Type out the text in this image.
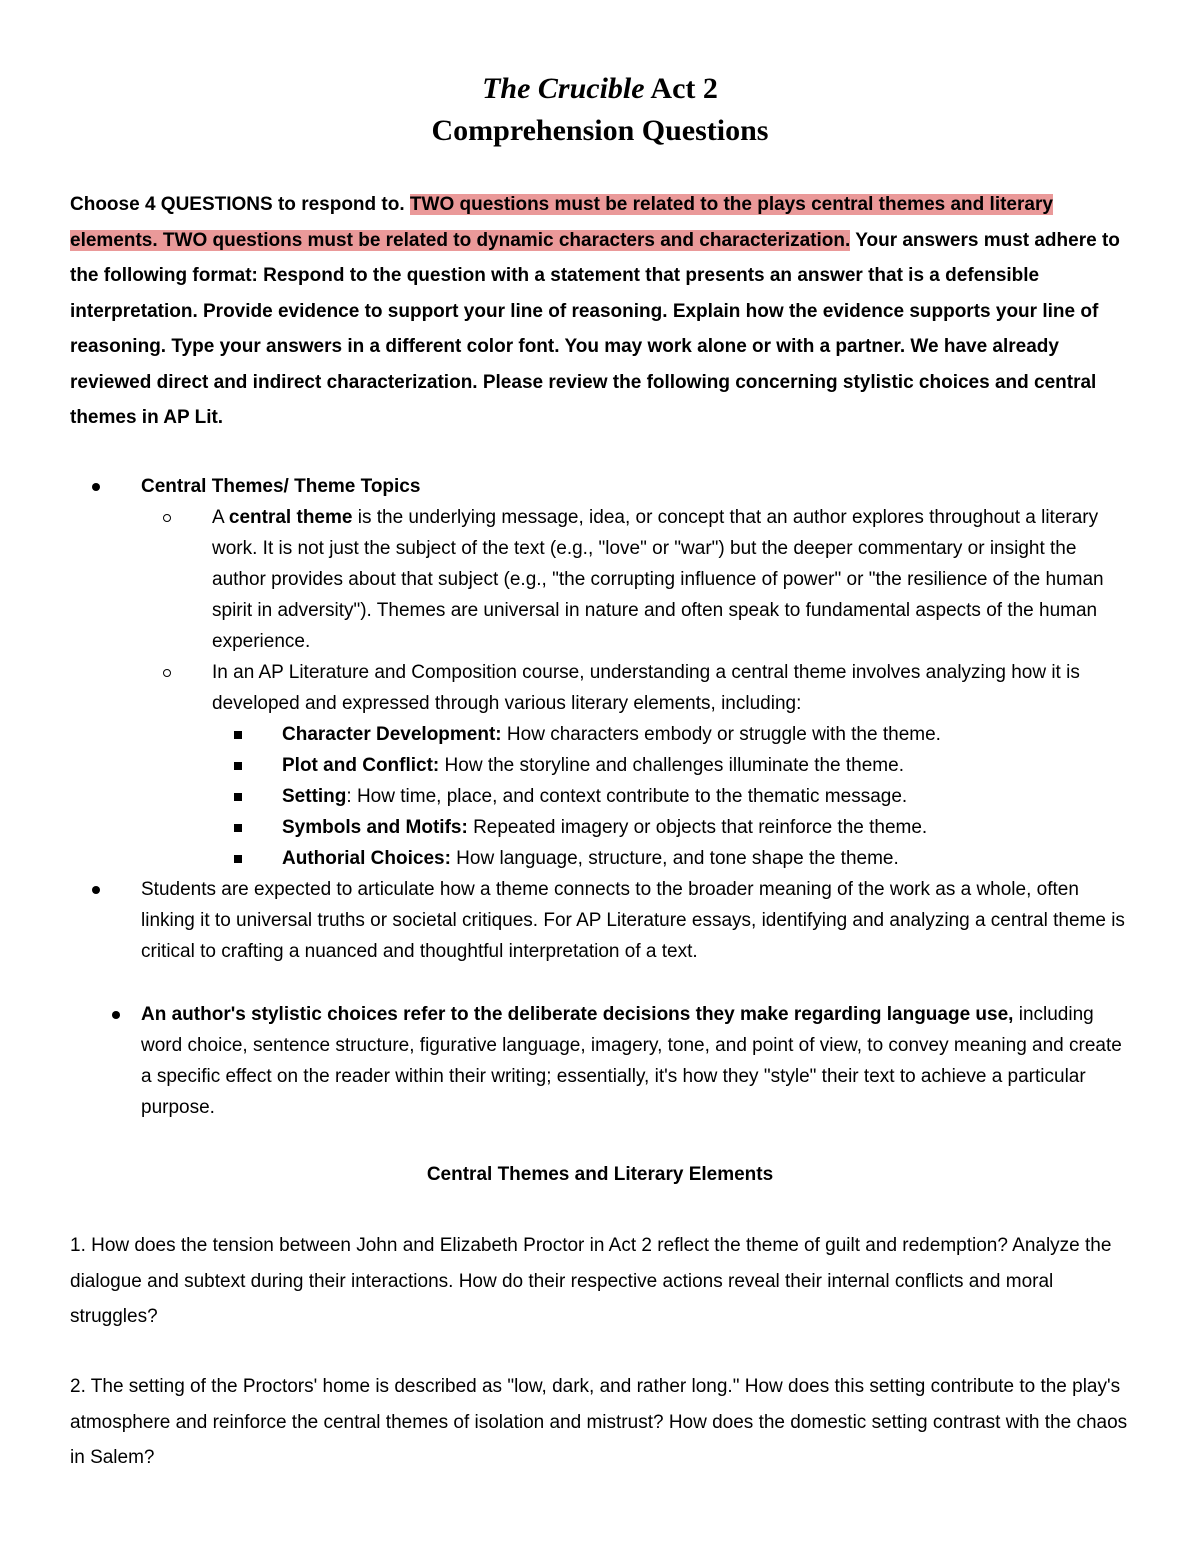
The Crucible Act 2
Comprehension Questions
Choose 4 QUESTIONS to respond to. TWO questions must be related to the plays central themes and literary elements. TWO questions must be related to dynamic characters and characterization. Your answers must adhere to the following format: Respond to the question with a statement that presents an answer that is a defensible interpretation. Provide evidence to support your line of reasoning. Explain how the evidence supports your line of reasoning. Type your answers in a different color font. You may work alone or with a partner. We have already reviewed direct and indirect characterization. Please review the following concerning stylistic choices and central themes in AP Lit.
Central Themes/ Theme Topics
A central theme is the underlying message, idea, or concept that an author explores throughout a literary work. It is not just the subject of the text (e.g., "love" or "war") but the deeper commentary or insight the author provides about that subject (e.g., "the corrupting influence of power" or "the resilience of the human spirit in adversity"). Themes are universal in nature and often speak to fundamental aspects of the human experience.
In an AP Literature and Composition course, understanding a central theme involves analyzing how it is developed and expressed through various literary elements, including:
Character Development: How characters embody or struggle with the theme.
Plot and Conflict: How the storyline and challenges illuminate the theme.
Setting: How time, place, and context contribute to the thematic message.
Symbols and Motifs: Repeated imagery or objects that reinforce the theme.
Authorial Choices: How language, structure, and tone shape the theme.
Students are expected to articulate how a theme connects to the broader meaning of the work as a whole, often linking it to universal truths or societal critiques. For AP Literature essays, identifying and analyzing a central theme is critical to crafting a nuanced and thoughtful interpretation of a text.
An author's stylistic choices refer to the deliberate decisions they make regarding language use, including word choice, sentence structure, figurative language, imagery, tone, and point of view, to convey meaning and create a specific effect on the reader within their writing; essentially, it's how they "style" their text to achieve a particular purpose.
Central Themes and Literary Elements
1. How does the tension between John and Elizabeth Proctor in Act 2 reflect the theme of guilt and redemption? Analyze the dialogue and subtext during their interactions. How do their respective actions reveal their internal conflicts and moral struggles?
2. The setting of the Proctors' home is described as "low, dark, and rather long." How does this setting contribute to the play's atmosphere and reinforce the central themes of isolation and mistrust? How does the domestic setting contrast with the chaos in Salem?
